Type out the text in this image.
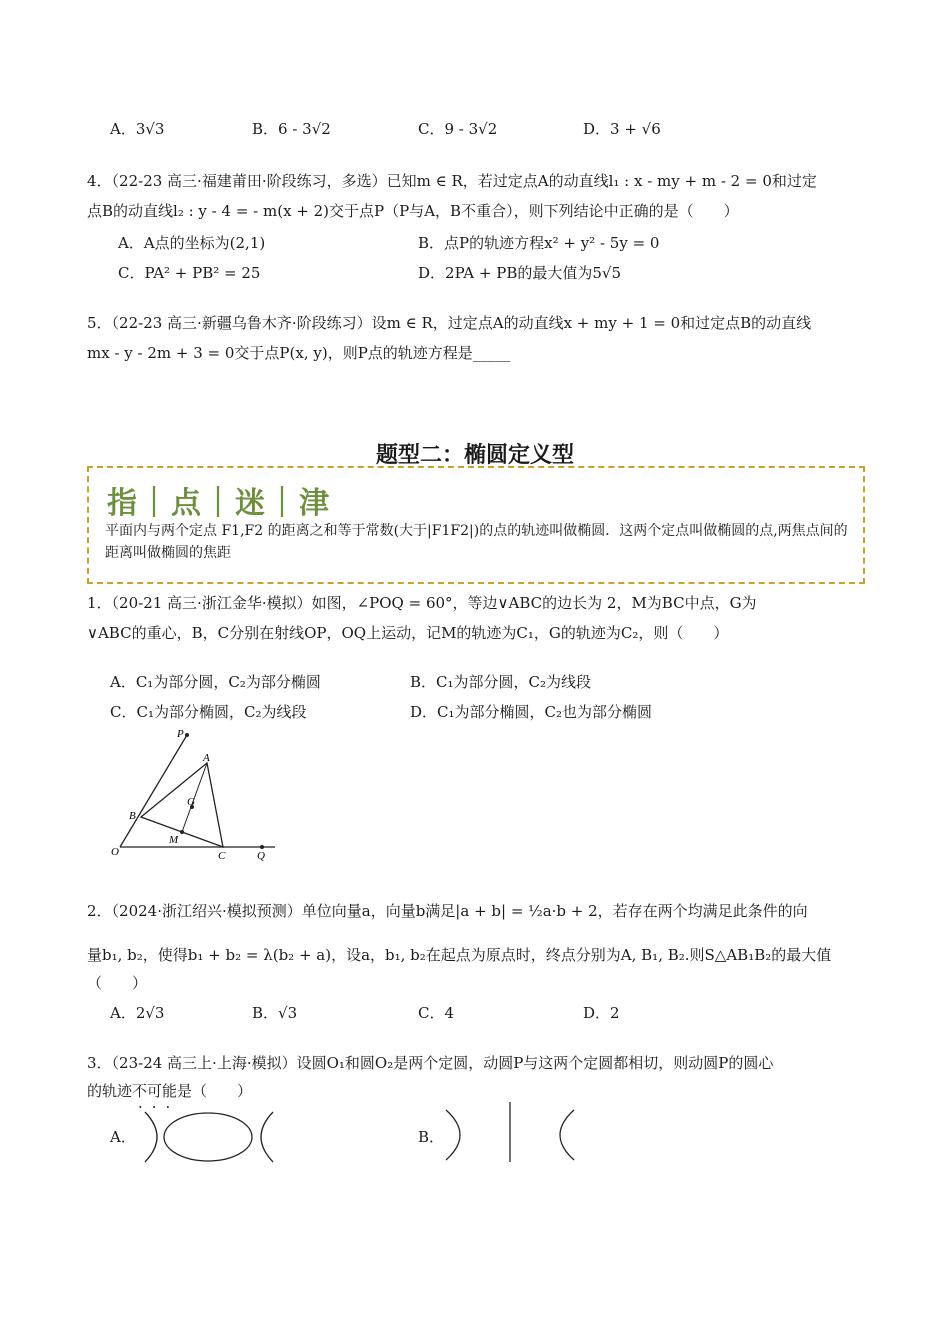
A．3√3	B．6 - 3√2	C．9 - 3√2	D．3 + √6
4．（22-23 高三·福建莆田·阶段练习，多选）已知m ∈ R，若过定点A的动直线l₁ : x - my + m - 2 = 0和过定
点B的动直线l₂ : y - 4 = - m(x + 2)交于点P（P与A，B不重合），则下列结论中正确的是（　　）
A．A点的坐标为(2,1)	B．点P的轨迹方程x² + y² - 5y = 0
C．PA² + PB² = 25	D．2PA + PB的最大值为5√5
5．（22-23 高三·新疆乌鲁木齐·阶段练习）设m ∈ R，过定点A的动直线x + my + 1 = 0和过定点B的动直线
mx - y - 2m + 3 = 0交于点P(x, y)，则P点的轨迹方程是_____
题型二：椭圆定义型
指｜点｜迷｜津
平面内与两个定点 F1,F2 的距离之和等于常数(大于|F1F2|)的点的轨迹叫做椭圆．这两个定点叫做椭圆的点,两焦点间的距离叫做椭圆的焦距
1．（20-21 高三·浙江金华·模拟）如图，∠POQ = 60°，等边∨ABC的边长为 2，M为BC中点，G为
∨ABC的重心，B，C分别在射线OP，OQ上运动，记M的轨迹为C₁，G的轨迹为C₂，则（　　）
A．C₁为部分圆，C₂为部分椭圆	B．C₁为部分圆，C₂为线段
C．C₁为部分椭圆，C₂为线段	D．C₁为部分椭圆，C₂也为部分椭圆
P
A
G
B
M
O	C	Q
2．（2024·浙江绍兴·模拟预测）单位向量a，向量b满足|a + b| = ½a·b + 2，若存在两个均满足此条件的向
量b₁, b₂，使得b₁ + b₂ = λ(b₂ + a)，设a，b₁, b₂在起点为原点时，终点分别为A, B₁, B₂.则S△AB₁B₂的最大值
（　　）
A．2√3	B．√3	C．4	D．2
3．（23-24 高三上·上海·模拟）设圆O₁和圆O₂是两个定圆，动圆P与这两个定圆都相切，则动圆P的圆心
的轨迹不可能是（　　）
···
A．	B．
